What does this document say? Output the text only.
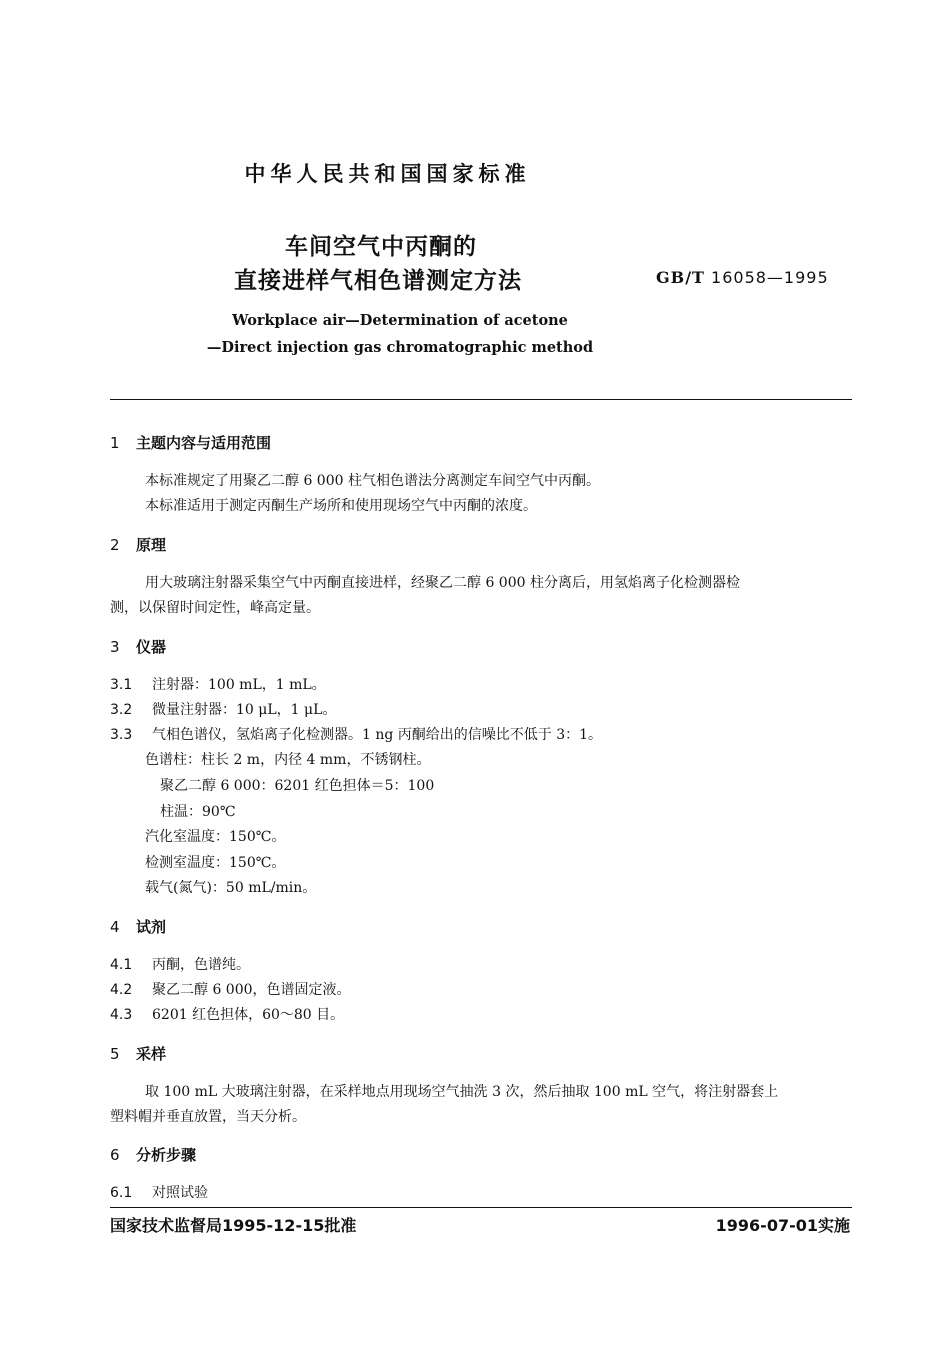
中华人民共和国国家标准
车间空气中丙酮的
直接进样气相色谱测定方法	GB/T 16058—1995
Workplace air—Determination of acetone
—Direct injection gas chromatographic method
1 主题内容与适用范围
本标准规定了用聚乙二醇 6 000 柱气相色谱法分离测定车间空气中丙酮。
本标准适用于测定丙酮生产场所和使用现场空气中丙酮的浓度。
2 原理
用大玻璃注射器采集空气中丙酮直接进样，经聚乙二醇 6 000 柱分离后，用氢焰离子化检测器检
测，以保留时间定性，峰高定量。
3 仪器
3.1 注射器：100 mL，1 mL。
3.2 微量注射器：10 μL，1 μL。
3.3 气相色谱仪，氢焰离子化检测器。1 ng 丙酮给出的信噪比不低于 3：1。
色谱柱：柱长 2 m，内径 4 mm，不锈钢柱。
聚乙二醇 6 000：6201 红色担体＝5：100
柱温：90℃
汽化室温度：150℃。
检测室温度：150℃。
载气(氮气)：50 mL/min。
4 试剂
4.1 丙酮，色谱纯。
4.2 聚乙二醇 6 000，色谱固定液。
4.3 6201 红色担体，60～80 目。
5 采样
取 100 mL 大玻璃注射器，在采样地点用现场空气抽洗 3 次，然后抽取 100 mL 空气，将注射器套上
塑料帽并垂直放置，当天分析。
6 分析步骤
6.1 对照试验
国家技术监督局1995-12-15批准	1996-07-01实施
